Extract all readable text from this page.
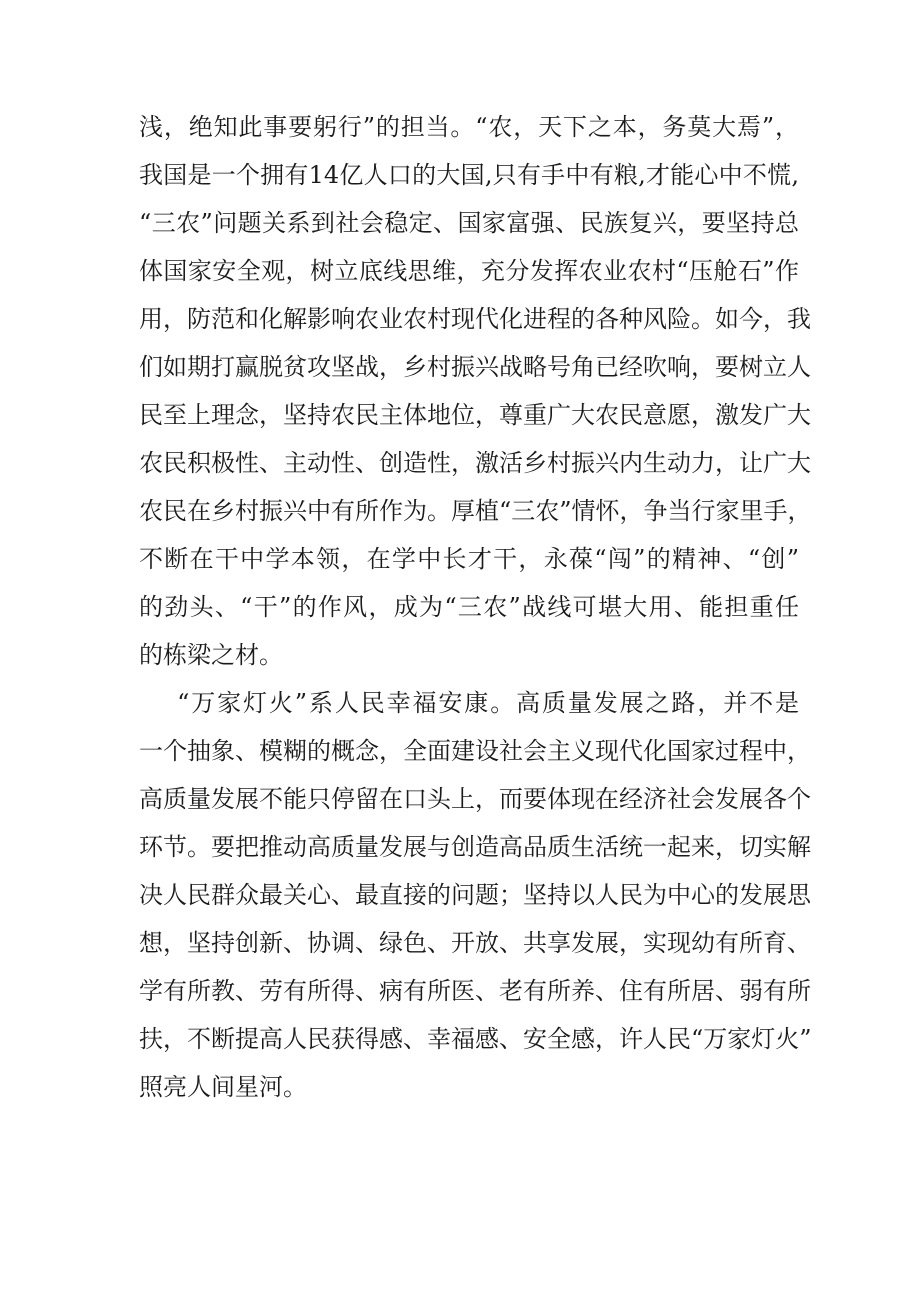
浅，绝知此事要躬行”的担当。“农，天下之本，务莫大焉”，
我国是一个拥有14亿人口的大国,只有手中有粮,才能心中不慌,
“三农”问题关系到社会稳定、国家富强、民族复兴，要坚持总
体国家安全观，树立底线思维，充分发挥农业农村“压舱石”作
用，防范和化解影响农业农村现代化进程的各种风险。如今，我
们如期打赢脱贫攻坚战，乡村振兴战略号角已经吹响，要树立人
民至上理念，坚持农民主体地位，尊重广大农民意愿，激发广大
农民积极性、主动性、创造性，激活乡村振兴内生动力，让广大
农民在乡村振兴中有所作为。厚植“三农”情怀，争当行家里手，
不断在干中学本领，在学中长才干，永葆“闯”的精神、“创”
的劲头、“干”的作风，成为“三农”战线可堪大用、能担重任
的栋梁之材。
“万家灯火”系人民幸福安康。高质量发展之路，并不是
一个抽象、模糊的概念，全面建设社会主义现代化国家过程中，
高质量发展不能只停留在口头上，而要体现在经济社会发展各个
环节。要把推动高质量发展与创造高品质生活统一起来，切实解
决人民群众最关心、最直接的问题；坚持以人民为中心的发展思
想，坚持创新、协调、绿色、开放、共享发展，实现幼有所育、
学有所教、劳有所得、病有所医、老有所养、住有所居、弱有所
扶，不断提高人民获得感、幸福感、安全感，许人民“万家灯火”
照亮人间星河。
